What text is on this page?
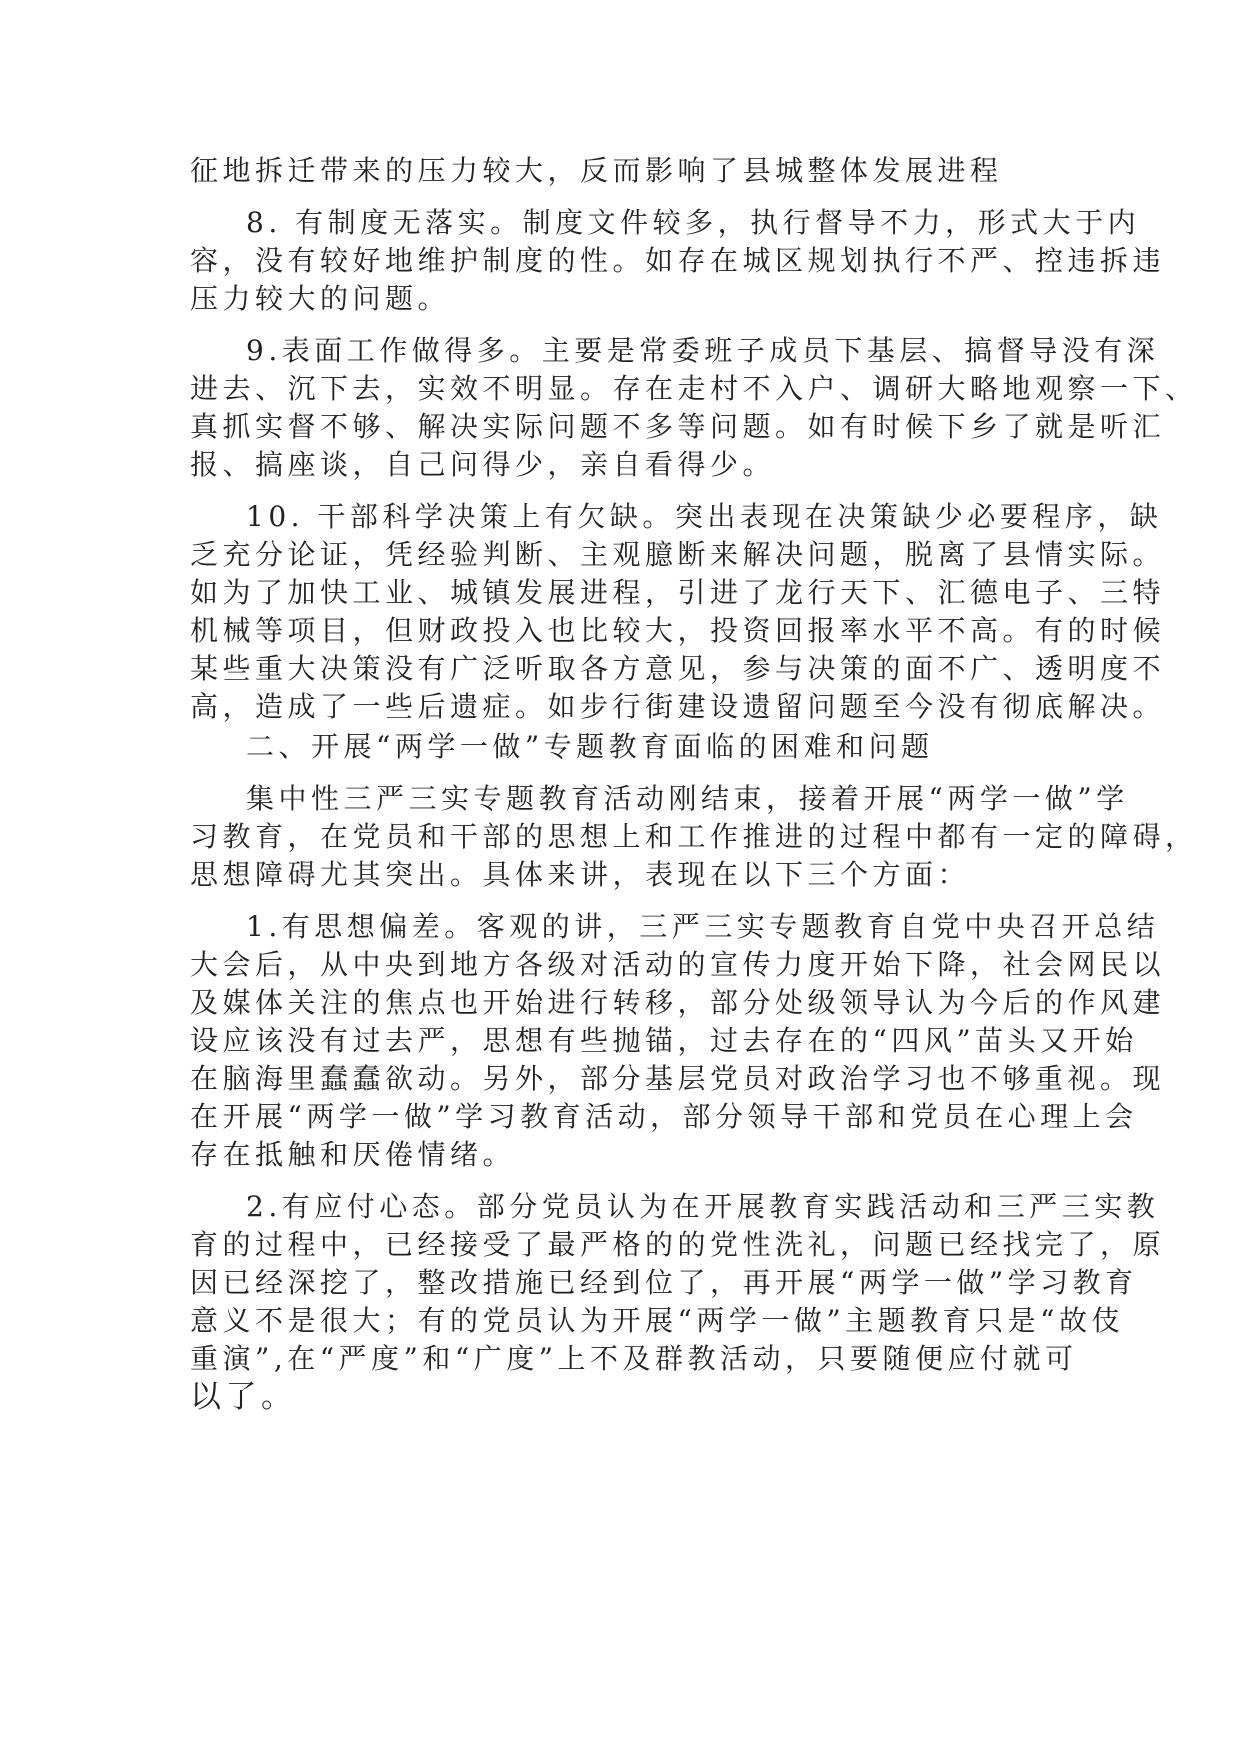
征地拆迁带来的压力较大，反而影响了县城整体发展进程
8. 有制度无落实。制度文件较多，执行督导不力，形式大于内
容，没有较好地维护制度的性。如存在城区规划执行不严、控违拆违
压力较大的问题。
9.表面工作做得多。主要是常委班子成员下基层、搞督导没有深
进去、沉下去，实效不明显。存在走村不入户、调研大略地观察一下、
真抓实督不够、解决实际问题不多等问题。如有时候下乡了就是听汇
报、搞座谈，自己问得少，亲自看得少。
10. 干部科学决策上有欠缺。突出表现在决策缺少必要程序，缺
乏充分论证，凭经验判断、主观臆断来解决问题，脱离了县情实际。
如为了加快工业、城镇发展进程，引进了龙行天下、汇德电子、三特
机械等项目，但财政投入也比较大，投资回报率水平不高。有的时候
某些重大决策没有广泛听取各方意见，参与决策的面不广、透明度不
高，造成了一些后遗症。如步行街建设遗留问题至今没有彻底解决。
二、开展“两学一做”专题教育面临的困难和问题
集中性三严三实专题教育活动刚结束，接着开展“两学一做”学
习教育，在党员和干部的思想上和工作推进的过程中都有一定的障碍，
思想障碍尤其突出。具体来讲，表现在以下三个方面：
1.有思想偏差。客观的讲，三严三实专题教育自党中央召开总结
大会后，从中央到地方各级对活动的宣传力度开始下降，社会网民以
及媒体关注的焦点也开始进行转移，部分处级领导认为今后的作风建
设应该没有过去严，思想有些抛锚，过去存在的“四风”苗头又开始
在脑海里蠢蠢欲动。另外，部分基层党员对政治学习也不够重视。现
在开展“两学一做”学习教育活动，部分领导干部和党员在心理上会
存在抵触和厌倦情绪。
2.有应付心态。部分党员认为在开展教育实践活动和三严三实教
育的过程中，已经接受了最严格的的党性洗礼，问题已经找完了，原
因已经深挖了，整改措施已经到位了，再开展“两学一做”学习教育
意义不是很大；有的党员认为开展“两学一做”主题教育只是“故伎
重演”,在“严度”和“广度”上不及群教活动，只要随便应付就可
以了。
